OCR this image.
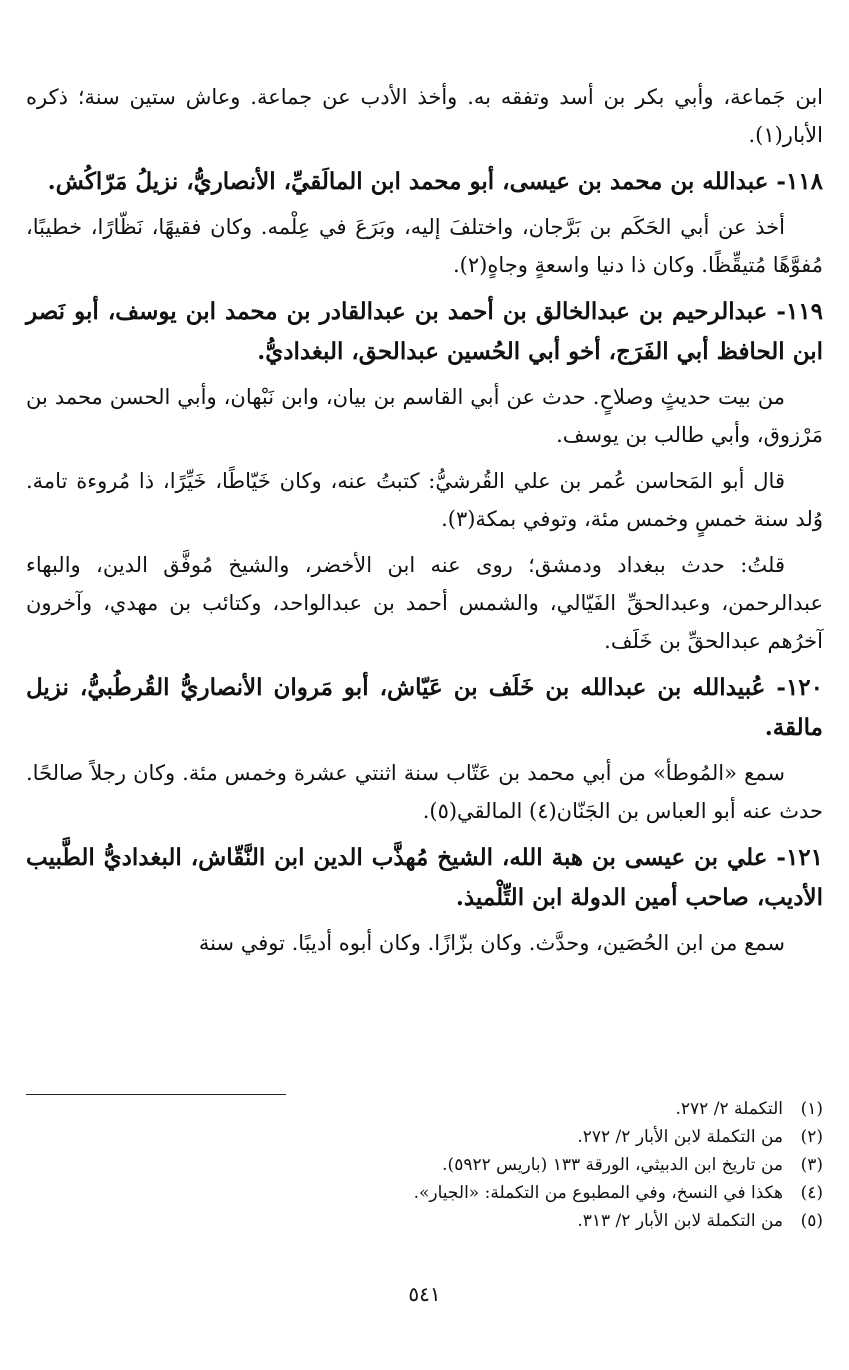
ابن جَماعة، وأبي بكر بن أسد وتفقه به. وأخذ الأدب عن جماعة. وعاش ستين سنة؛ ذكره الأبار(١).

١١٨- عبدالله بن محمد بن عيسى، أبو محمد ابن المالَقيِّ، الأنصاريُّ، نزيلُ مَرّاكُش.

أخذ عن أبي الحَكَم بن بَرَّجان، واختلفَ إليه، وبَرَعَ في عِلْمه. وكان فقيهًا، نَظّارًا، خطيبًا، مُفوَّهًا مُتيقِّظًا. وكان ذا دنيا واسعةٍ وجاهٍ(٢).

١١٩- عبدالرحيم بن عبدالخالق بن أحمد بن عبدالقادر بن محمد ابن يوسف، أبو نَصر ابن الحافظ أبي الفَرَج، أخو أبي الحُسين عبدالحق، البغداديُّ.

من بيت حديثٍ وصلاحٍ. حدث عن أبي القاسم بن بيان، وابن نَبْهان، وأبي الحسن محمد بن مَرْزوق، وأبي طالب بن يوسف.

قال أبو المَحاسن عُمر بن علي القُرشيُّ: كتبتُ عنه، وكان خَيّاطًا، خَيِّرًا، ذا مُروءة تامة. وُلد سنة خمسٍ وخمس مئة، وتوفي بمكة(٣).

قلتُ: حدث ببغداد ودمشق؛ روى عنه ابن الأخضر، والشيخ مُوفَّق الدين، والبهاء عبدالرحمن، وعبدالحقِّ الفَيّالي، والشمس أحمد بن عبدالواحد، وكتائب بن مهدي، وآخرون آخرُهم عبدالحقِّ بن خَلَف.

١٢٠- عُبيدالله بن عبدالله بن خَلَف بن عَيّاش، أبو مَروان الأنصاريُّ القُرطُبيُّ، نزيل مالقة.

سمع «المُوطأ» من أبي محمد بن عَتّاب سنة اثنتي عشرة وخمس مئة. وكان رجلاً صالحًا. حدث عنه أبو العباس بن الجَنّان(٤) المالقي(٥).

١٢١- علي بن عيسى بن هبة الله، الشيخ مُهذَّب الدين ابن النَّقّاش، البغداديُّ الطَّبيب الأديب، صاحب أمين الدولة ابن التِّلْميذ.

سمع من ابن الحُصَين، وحدَّث. وكان بزّازًا. وكان أبوه أديبًا. توفي سنة

(١)
التكملة ٢/ ٢٧٢.
(٢)
من التكملة لابن الأبار ٢/ ٢٧٢.
(٣)
من تاريخ ابن الدبيثي، الورقة ١٣٣ (باريس ٥٩٢٢).
(٤)
هكذا في النسخ، وفي المطبوع من التكملة: «الجيار».
(٥)
من التكملة لابن الأبار ٢/ ٣١٣.
٥٤١
